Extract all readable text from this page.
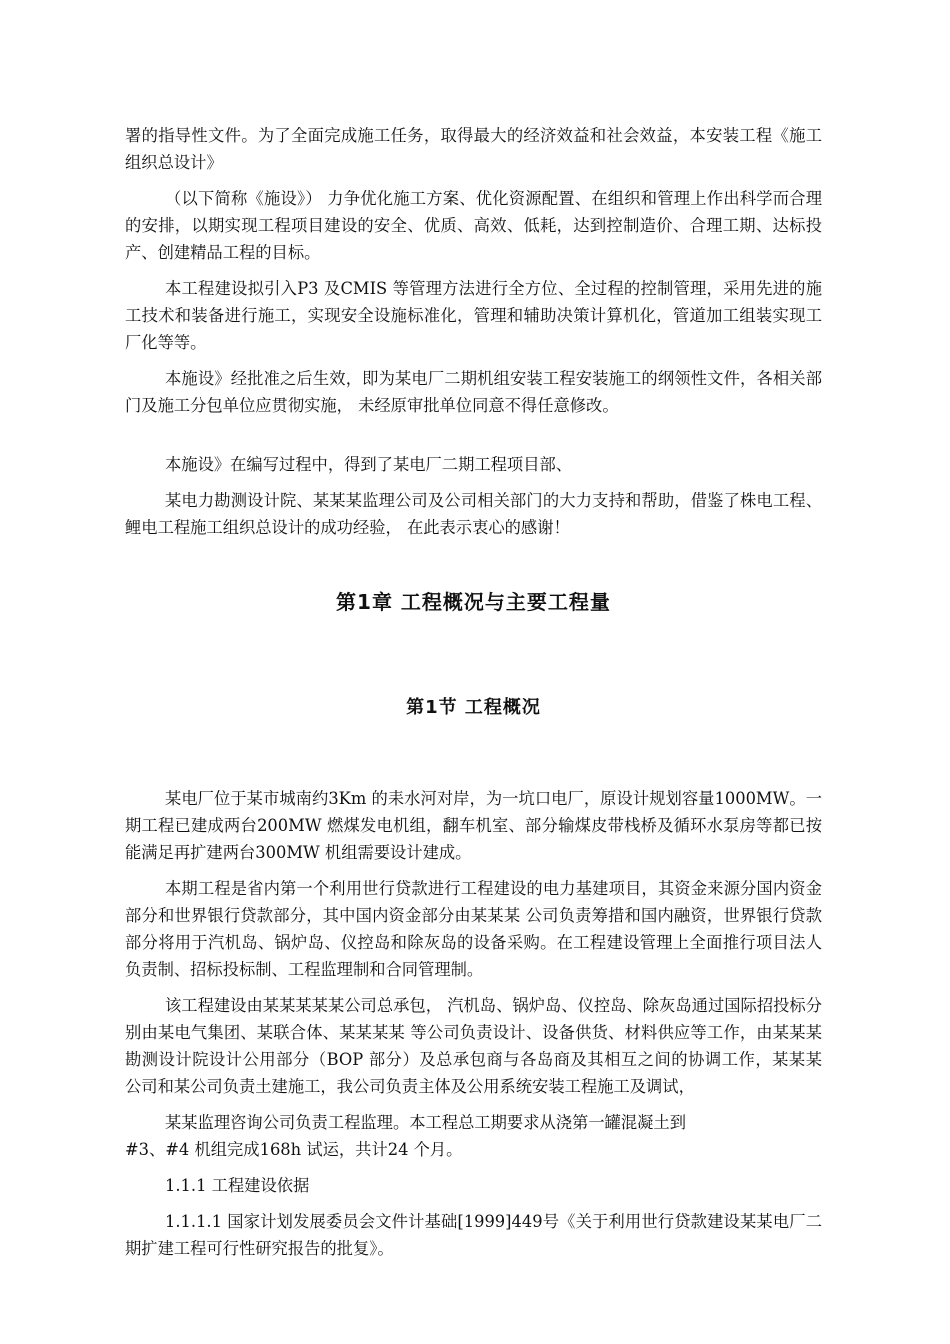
署的指导性文件。为了全面完成施工任务，取得最大的经济效益和社会效益，本安装工程《施工组织总设计》

（以下简称《施设》） 力争优化施工方案、优化资源配置、在组织和管理上作出科学而合理的安排，以期实现工程项目建设的安全、优质、高效、低耗，达到控制造价、合理工期、达标投产、创建精品工程的目标。

本工程建设拟引入P3 及CMIS 等管理方法进行全方位、全过程的控制管理，采用先进的施工技术和装备进行施工，实现安全设施标准化，管理和辅助决策计算机化，管道加工组装实现工厂化等等。

本施设》经批准之后生效，即为某电厂二期机组安装工程安装施工的纲领性文件，各相关部门及施工分包单位应贯彻实施， 未经原审批单位同意不得任意修改。

本施设》在编写过程中，得到了某电厂二期工程项目部、

某电力勘测设计院、某某某监理公司及公司相关部门的大力支持和帮助，借鉴了株电工程、鲤电工程施工组织总设计的成功经验， 在此表示衷心的感谢！

第1章 工程概况与主要工程量
第1节 工程概况

某电厂位于某市城南约3Km 的耒水河对岸，为一坑口电厂，原设计规划容量1000MW。一期工程已建成两台200MW 燃煤发电机组，翻车机室、部分输煤皮带栈桥及循环水泵房等都已按能满足再扩建两台300MW 机组需要设计建成。

本期工程是省内第一个利用世行贷款进行工程建设的电力基建项目，其资金来源分国内资金部分和世界银行贷款部分，其中国内资金部分由某某某 公司负责筹措和国内融资，世界银行贷款部分将用于汽机岛、锅炉岛、仪控岛和除灰岛的设备采购。在工程建设管理上全面推行项目法人负责制、招标投标制、工程监理制和合同管理制。

该工程建设由某某某某某公司总承包， 汽机岛、锅炉岛、仪控岛、除灰岛通过国际招投标分别由某电气集团、某联合体、某某某某 等公司负责设计、设备供货、材料供应等工作，由某某某 勘测设计院设计公用部分（BOP 部分）及总承包商与各岛商及其相互之间的协调工作，某某某 公司和某公司负责土建施工，我公司负责主体及公用系统安装工程施工及调试，

某某监理咨询公司负责工程监理。本工程总工期要求从浇第一罐混凝土到

#3、#4 机组完成168h 试运，共计24 个月。

1.1.1 工程建设依据

1.1.1.1 国家计划发展委员会文件计基础[1999]449号《关于利用世行贷款建设某某电厂二期扩建工程可行性研究报告的批复》。
